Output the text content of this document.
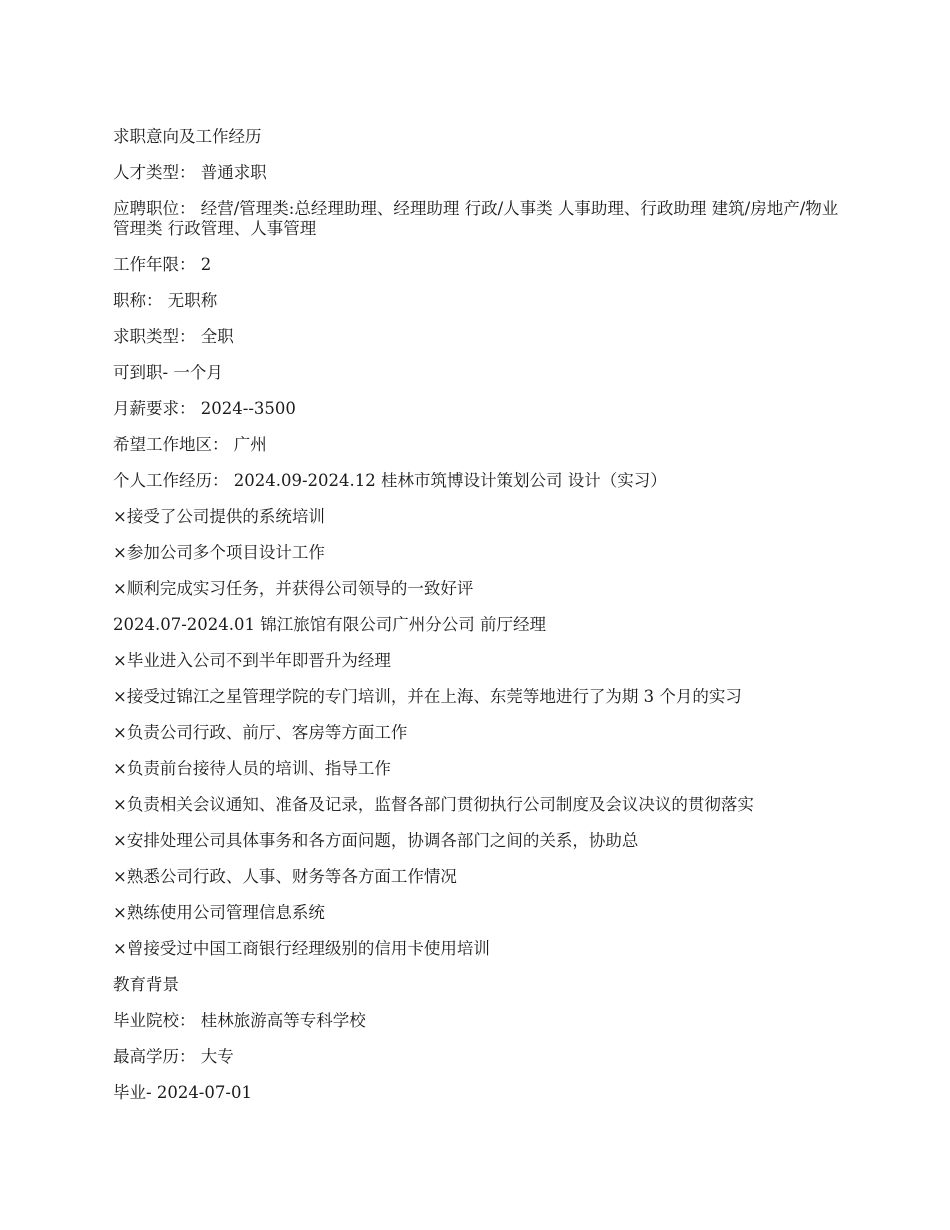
求职意向及工作经历
人才类型： 普通求职
应聘职位： 经营/管理类:总经理助理、经理助理 行政/人事类 人事助理、行政助理 建筑/房地产/物业管理类 行政管理、人事管理
工作年限： 2
职称： 无职称
求职类型： 全职
可到职- 一个月
月薪要求： 2024--3500
希望工作地区： 广州
个人工作经历： 2024.09-2024.12 桂林市筑博设计策划公司 设计（实习）
×接受了公司提供的系统培训
×参加公司多个项目设计工作
×顺利完成实习任务，并获得公司领导的一致好评
2024.07-2024.01 锦江旅馆有限公司广州分公司 前厅经理
×毕业进入公司不到半年即晋升为经理
×接受过锦江之星管理学院的专门培训，并在上海、东莞等地进行了为期 3 个月的实习
×负责公司行政、前厅、客房等方面工作
×负责前台接待人员的培训、指导工作
×负责相关会议通知、准备及记录，监督各部门贯彻执行公司制度及会议决议的贯彻落实
×安排处理公司具体事务和各方面问题，协调各部门之间的关系，协助总
×熟悉公司行政、人事、财务等各方面工作情况
×熟练使用公司管理信息系统
×曾接受过中国工商银行经理级别的信用卡使用培训
教育背景
毕业院校： 桂林旅游高等专科学校
最高学历： 大专
毕业- 2024-07-01
